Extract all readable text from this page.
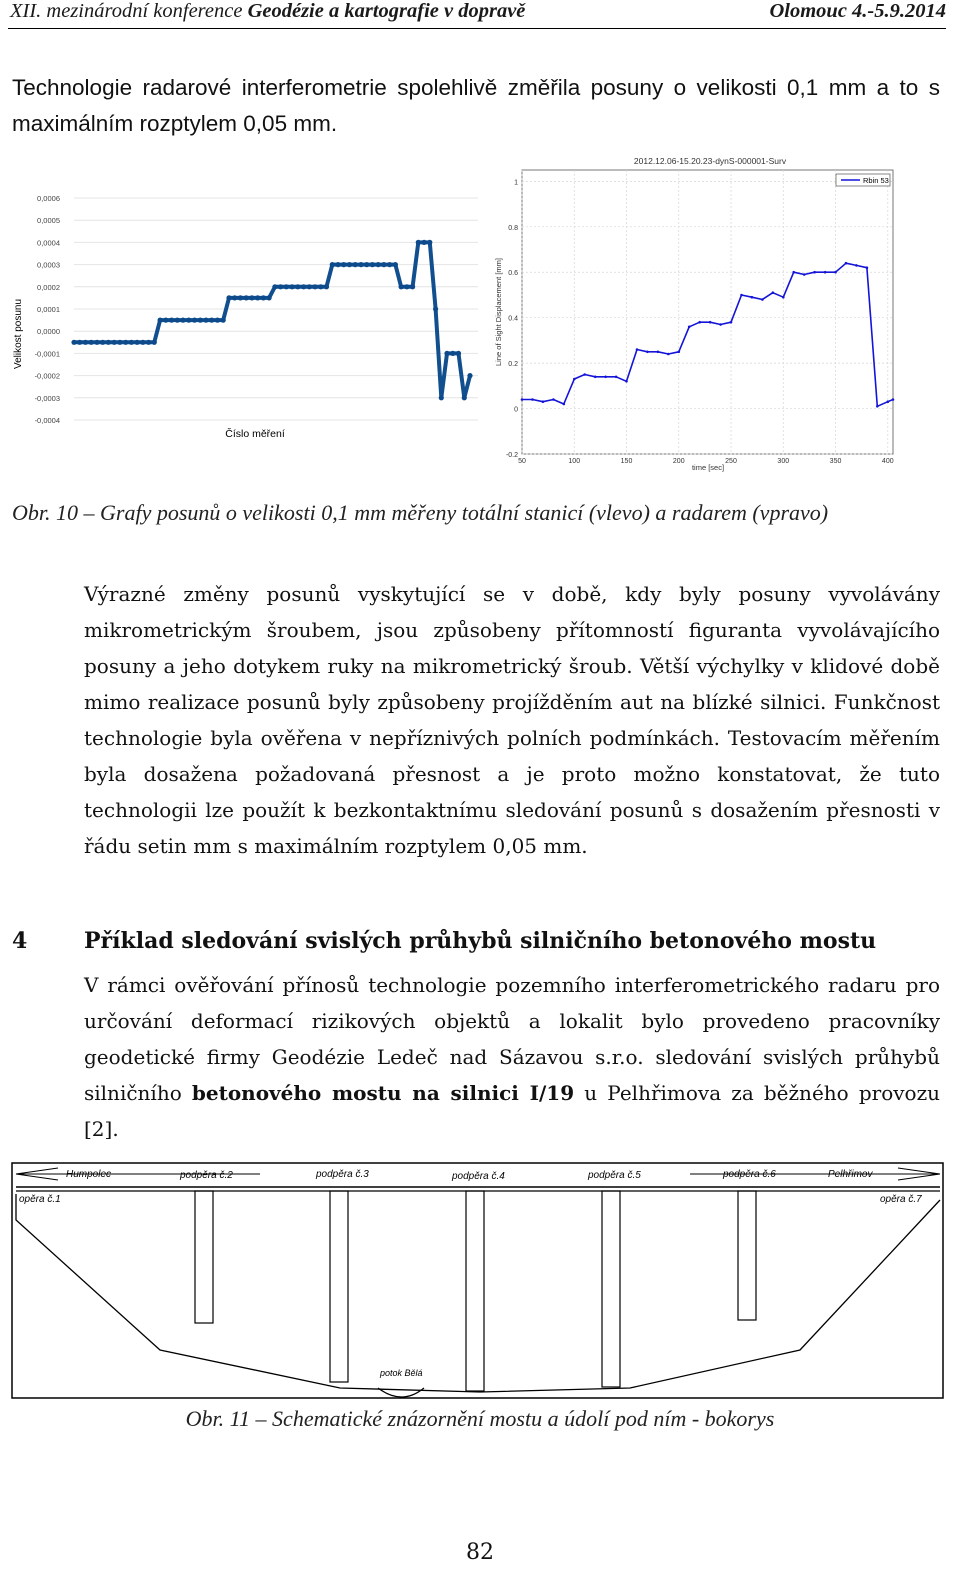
XII. mezinárodní konference Geodézie a kartografie v dopravě	Olomouc 4.-5.9.2014
Technologie radarové interferometrie spolehlivě změřila posuny o velikosti 0,1 mm a to s maximálním rozptylem 0,05 mm.
Velikost posunu
0,0006
0,0005
0,0004
0,0003
0,0002
0,0001
0,0000
-0,0001
-0,0002
-0,0003
-0,0004
Číslo měření
2012.12.06-15.20.23-dynS-000001-Surv
50	100	150	200	250	300	350	400
1
0.8
0.6
0.4
0.2
0
-0.2
Rbin 53
Line of Sight Displacement [mm]
time [sec]
Obr. 10 – Grafy posunů o velikosti 0,1 mm měřeny totální stanicí (vlevo) a radarem (vpravo)
Výrazné změny posunů vyskytující se v době, kdy byly posuny vyvolávány mikrometrickým šroubem, jsou způsobeny přítomností figuranta vyvolávajícího posuny a jeho dotykem ruky na mikrometrický šroub. Větší výchylky v klidové době mimo realizace posunů byly způsobeny projížděním aut na blízké silnici. Funkčnost technologie byla ověřena v nepříznivých polních podmínkách. Testovacím měřením byla dosažena požadovaná přesnost a je proto možno konstatovat, že tuto technologii lze použít k bezkontaktnímu sledování posunů s dosažením přesnosti v řádu setin mm s maximálním rozptylem 0,05 mm.
4	Příklad sledování svislých průhybů silničního betonového mostu
V rámci ověřování přínosů technologie pozemního interferometrického radaru pro určování deformací rizikových objektů a lokalit bylo provedeno pracovníky geodetické firmy Geodézie Ledeč nad Sázavou s.r.o. sledování svislých průhybů silničního betonového mostu na silnici I/19 u Pelhřimova za běžného provozu [2].
Humpolec	Pelhřimov
podpěra č.2	podpěra č.3	podpěra č.4	podpěra č.5	podpěra č.6
opěra č.1	opěra č.7
potok Bělá
Obr. 11 – Schematické znázornění mostu a údolí pod ním - bokorys
82
